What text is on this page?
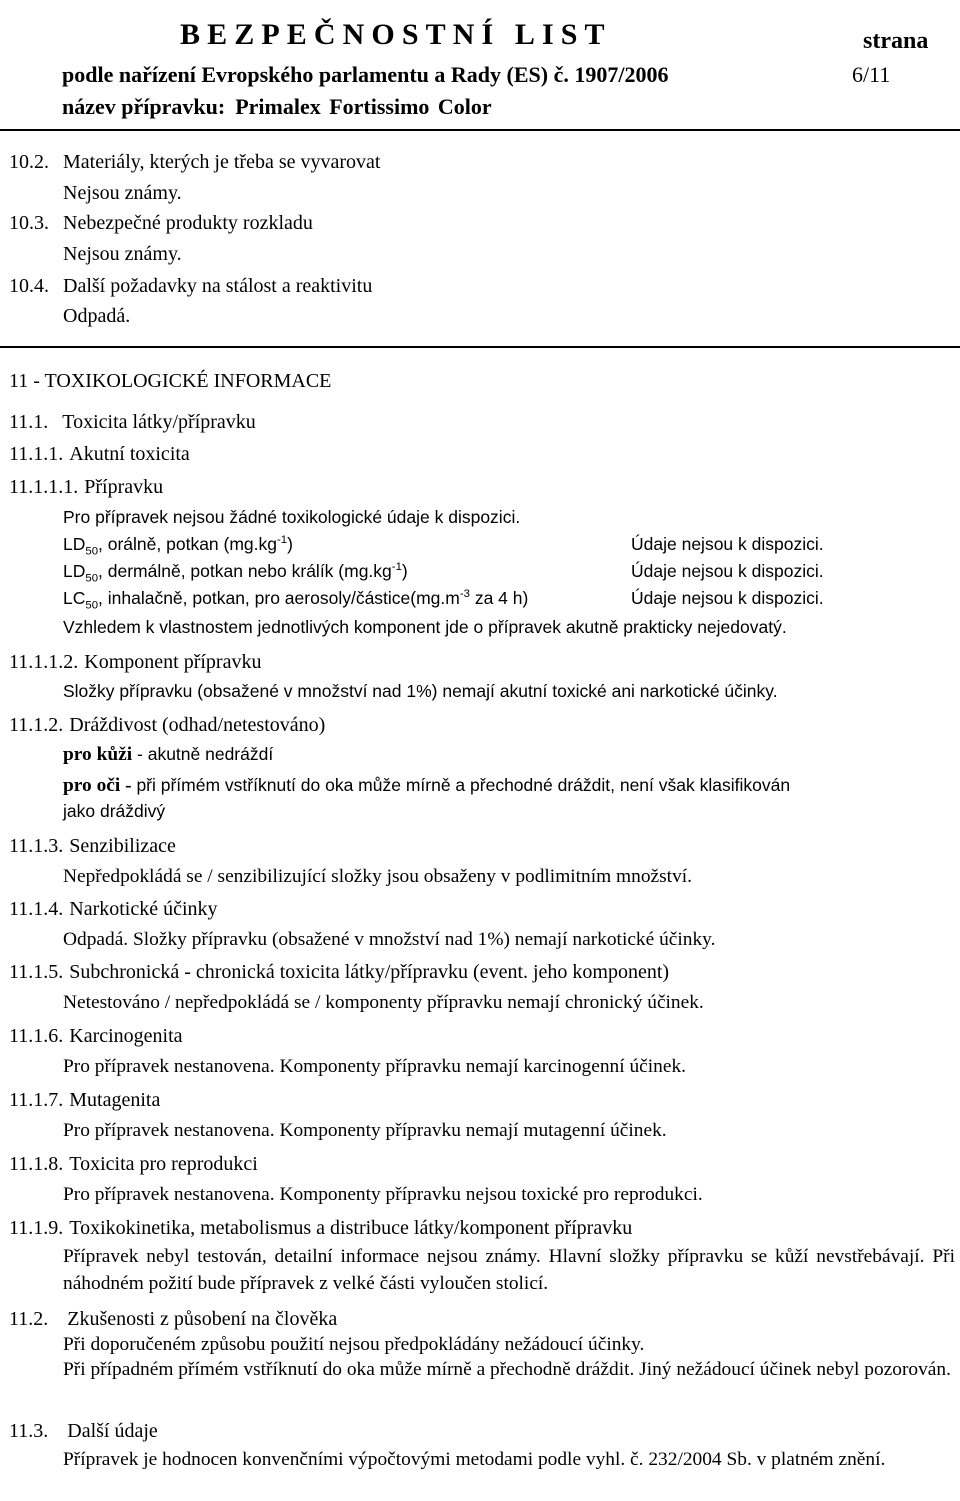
BEZPEČNOSTNÍ LIST	strana
podle nařízení Evropského parlamentu a Rady (ES) č. 1907/2006	6/11
název přípravku: Primalex Fortissimo Color
10.2. Materiály, kterých je třeba se vyvarovat
Nejsou známy.
10.3. Nebezpečné produkty rozkladu
Nejsou známy.
10.4. Další požadavky na stálost a reaktivitu
Odpadá.
11 - TOXIKOLOGICKÉ INFORMACE
11.1. Toxicita látky/přípravku
11.1.1. Akutní toxicita
11.1.1.1. Přípravku
Pro přípravek nejsou žádné toxikologické údaje k dispozici.
$LD_{50}$, orálně, potkan $(mg.kg^{-1})$	Údaje nejsou k dispozici.
$LD_{50}$, dermálně, potkan nebo králík $(mg.kg^{-1})$	Údaje nejsou k dispozici.
$LC_{50}$, inhalačně, potkan, pro aerosoly/$částice(mg.m^{-3}$ za 4 h)	Údaje nejsou k dispozici.
Vzhledem k vlastnostem jednotlivých komponent jde o přípravek akutně prakticky nejedovatý.
11.1.1.2. Komponent přípravku
Složky přípravku (obsažené v množství nad 1%) nemají akutní toxické ani narkotické účinky.
11.1.2. Dráždivost (odhad/netestováno)
pro kůži - akutně nedráždí
pro oči - při přímém vstříknutí do oka může mírně a přechodné dráždit, není však klasifikován
jako dráždivý
11.1.3. Senzibilizace
Nepředpokládá se / senzibilizující složky jsou obsaženy v podlimitním množství.
11.1.4. Narkotické účinky
Odpadá. Složky přípravku (obsažené v množství nad 1%) nemají narkotické účinky.
11.1.5. Subchronická - chronická toxicita látky/přípravku (event. jeho komponent)
Netestováno / nepředpokládá se / komponenty přípravku nemají chronický účinek.
11.1.6. Karcinogenita
Pro přípravek nestanovena. Komponenty přípravku nemají karcinogenní účinek.
11.1.7. Mutagenita
Pro přípravek nestanovena. Komponenty přípravku nemají mutagenní účinek.
11.1.8. Toxicita pro reprodukci
Pro přípravek nestanovena. Komponenty přípravku nejsou toxické pro reprodukci.
11.1.9. Toxikokinetika, metabolismus a distribuce látky/komponent přípravku
Přípravek nebyl testován, detailní informace nejsou známy. Hlavní složky přípravku se kůží nevstřebávají. Při náhodném požití bude přípravek z velké části vyloučen stolicí.
11.2. Zkušenosti z působení na člověka
Při doporučeném způsobu použití nejsou předpokládány nežádoucí účinky.
Při případném přímém vstříknutí do oka může mírně a přechodně dráždit. Jiný nežádoucí účinek nebyl pozorován.
11.3. Další údaje
Přípravek je hodnocen konvenčními výpočtovými metodami podle vyhl. č. 232/2004 Sb. v platném znění.
